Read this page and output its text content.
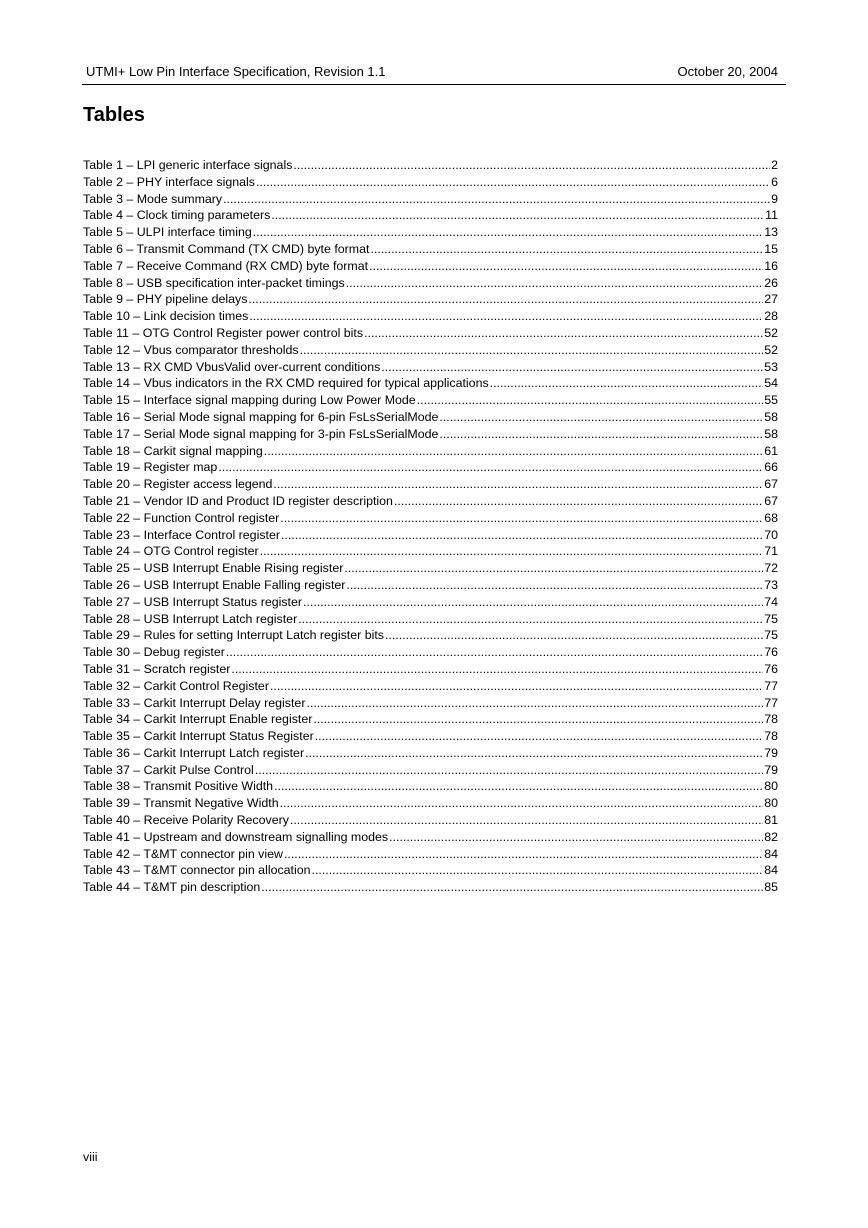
UTMI+ Low Pin Interface Specification, Revision 1.1	October 20, 2004
Tables
Table 1 – LPI generic interface signals .....	2
Table 2 – PHY interface signals .....	6
Table 3 – Mode summary .....	9
Table 4 – Clock timing parameters .....	11
Table 5 – ULPI interface timing .....	13
Table 6 – Transmit Command (TX CMD) byte format .....	15
Table 7 – Receive Command (RX CMD) byte format .....	16
Table 8 – USB specification inter-packet timings .....	26
Table 9 – PHY pipeline delays .....	27
Table 10 – Link decision times .....	28
Table 11 – OTG Control Register power control bits .....	52
Table 12 – Vbus comparator thresholds .....	52
Table 13 – RX CMD VbusValid over-current conditions .....	53
Table 14 – Vbus indicators in the RX CMD required for typical applications .....	54
Table 15 – Interface signal mapping during Low Power Mode .....	55
Table 16 – Serial Mode signal mapping for 6-pin FsLsSerialMode .....	58
Table 17 – Serial Mode signal mapping for 3-pin FsLsSerialMode .....	58
Table 18 – Carkit signal mapping .....	61
Table 19 – Register map .....	66
Table 20 – Register access legend .....	67
Table 21 – Vendor ID and Product ID register description .....	67
Table 22 – Function Control register .....	68
Table 23 – Interface Control register .....	70
Table 24 – OTG Control register .....	71
Table 25 – USB Interrupt Enable Rising register .....	72
Table 26 – USB Interrupt Enable Falling register .....	73
Table 27 – USB Interrupt Status register .....	74
Table 28 – USB Interrupt Latch register .....	75
Table 29 – Rules for setting Interrupt Latch register bits .....	75
Table 30 – Debug register .....	76
Table 31 – Scratch register .....	76
Table 32 – Carkit Control Register .....	77
Table 33 – Carkit Interrupt Delay register .....	77
Table 34 – Carkit Interrupt Enable register .....	78
Table 35 – Carkit Interrupt Status Register .....	78
Table 36 – Carkit Interrupt Latch register .....	79
Table 37 – Carkit Pulse Control .....	79
Table 38 – Transmit Positive Width .....	80
Table 39 – Transmit Negative Width .....	80
Table 40 – Receive Polarity Recovery .....	81
Table 41 – Upstream and downstream signalling modes .....	82
Table 42 – T&MT connector pin view .....	84
Table 43 – T&MT connector pin allocation .....	84
Table 44 – T&MT pin description .....	85
viii
